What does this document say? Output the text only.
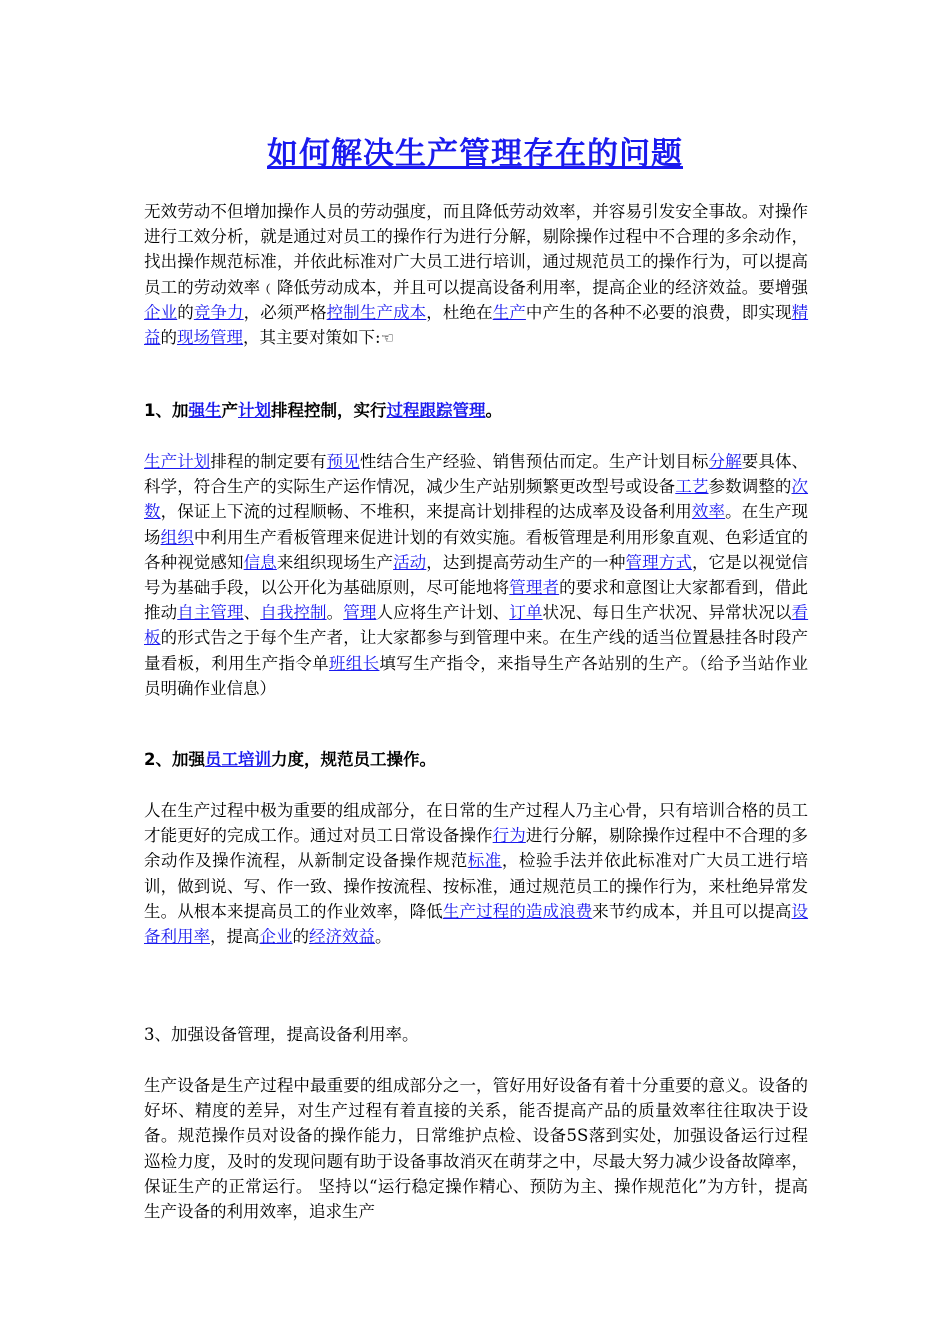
如何解决生产管理存在的问题
无效劳动不但增加操作人员的劳动强度，而且降低劳动效率，并容易引发安全事故。对操作进行工效分析，就是通过对员工的操作行为进行分解，剔除操作过程中不合理的多余动作，找出操作规范标准，并依此标准对广大员工进行培训，通过规范员工的操作行为，可以提高员工的劳动效率﹙降低劳动成本，并且可以提高设备利用率，提高企业的经济效益。要增强企业的竞争力，必须严格控制生产成本，杜绝在生产中产生的各种不必要的浪费，即实现精益的现场管理，其主要对策如下:☜
1、加强生产计划排程控制，实行过程跟踪管理。
生产计划排程的制定要有预见性结合生产经验、销售预估而定。生产计划目标分解要具体、科学，符合生产的实际生产运作情况，减少生产站别频繁更改型号或设备工艺参数调整的次数，保证上下流的过程顺畅、不堆积，来提高计划排程的达成率及设备利用效率。在生产现场组织中利用生产看板管理来促进计划的有效实施。看板管理是利用形象直观、色彩适宜的各种视觉感知信息来组织现场生产活动，达到提高劳动生产的一种管理方式，它是以视觉信号为基础手段，以公开化为基础原则，尽可能地将管理者的要求和意图让大家都看到，借此推动自主管理、自我控制。管理人应将生产计划、订单状况、每日生产状况、异常状况以看板的形式告之于每个生产者，让大家都参与到管理中来。在生产线的适当位置悬挂各时段产量看板，利用生产指令单班组长填写生产指令，来指导生产各站别的生产。（给予当站作业员明确作业信息）
2、加强员工培训力度，规范员工操作。
人在生产过程中极为重要的组成部分，在日常的生产过程人乃主心骨，只有培训合格的员工才能更好的完成工作。通过对员工日常设备操作行为进行分解，剔除操作过程中不合理的多余动作及操作流程，从新制定设备操作规范标准，检验手法并依此标准对广大员工进行培训，做到说、写、作一致、操作按流程、按标准，通过规范员工的操作行为，来杜绝异常发生。从根本来提高员工的作业效率，降低生产过程的造成浪费来节约成本，并且可以提高设备利用率，提高企业的经济效益。
3、加强设备管理，提高设备利用率。
生产设备是生产过程中最重要的组成部分之一，管好用好设备有着十分重要的意义。设备的好坏、精度的差异，对生产过程有着直接的关系，能否提高产品的质量效率往往取决于设备。规范操作员对设备的操作能力，日常维护点检、设备5S落到实处，加强设备运行过程巡检力度，及时的发现问题有助于设备事故消灭在萌芽之中，尽最大努力减少设备故障率，保证生产的正常运行。 坚持以“运行稳定操作精心、预防为主、操作规范化”为方针，提高生产设备的利用效率，追求生产
